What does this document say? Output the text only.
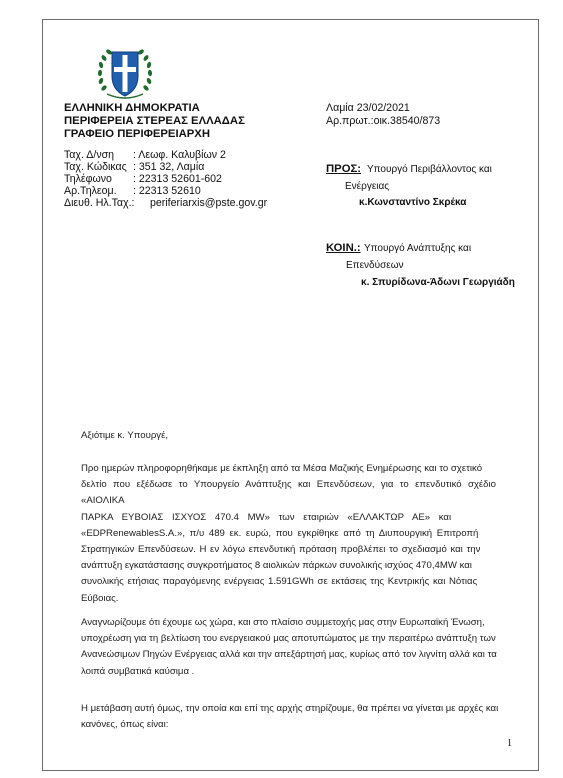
ΕΛΛΗΝΙΚΗ ΔΗΜΟΚΡΑΤΙΑ
ΠΕΡΙΦΕΡΕΙΑ ΣΤΕΡΕΑΣ ΕΛΛΑΔΑΣ
ΓΡΑΦΕΙΟ ΠΕΡΙΦΕΡΕΙΑΡΧΗ
Λαμία 23/02/2021
Αρ.πρωτ.:οικ.38540/873
Ταχ. Δ/νση : Λεωφ. Καλυβίων 2
Ταχ. Κώδικας : 351 32, Λαμία
Τηλέφωνο : 22313 52601-602
Αρ.Τηλεομ. : 22313 52610
Διευθ. Ηλ.Ταχ.: periferiarxis@pste.gov.gr
ΠΡΟΣ: Υπουργό Περιβάλλοντος και
Ενέργειας
κ.Κωνσταντίνο Σκρέκα
ΚΟΙΝ.: Υπουργό Ανάπτυξης και
Επενδύσεων
κ. Σπυρίδωνα-Άδωνι Γεωργιάδη
Αξιότιμε κ. Υπουργέ,
Προ ημερών πληροφορηθήκαμε με έκπληξη από τα Μέσα Μαζικής Ενημέρωσης και το σχετικό
δελτίο που εξέδωσε το Υπουργείο Ανάπτυξης και Επενδύσεων, για το επενδυτικό σχέδιο «ΑΙΟΛΙΚΑ
ΠΑΡΚΑ ΕΥΒΟΙΑΣ ΙΣΧΥΟΣ 470.4 MW» των εταιριών «ΕΛΛΑΚΤΩΡ ΑΕ» και
«EDPRenewablesS.A.», π/υ 489 εκ. ευρώ, που εγκρίθηκε από τη Διυπουργική Επιτροπή
Στρατηγικών Επενδύσεων. Η εν λόγω επενδυτική πρόταση προβλέπει το σχεδιασμό και την
ανάπτυξη εγκατάστασης συγκροτήματος 8 αιολικών πάρκων συνολικής ισχύος 470,4MW και
συνολικής ετήσιας παραγόμενης ενέργειας 1.591GWh σε εκτάσεις της Κεντρικής και Νότιας
Εύβοιας.
Αναγνωρίζουμε ότι έχουμε ως χώρα, και στο πλαίσιο συμμετοχής μας στην Ευρωπαϊκή Ένωση,
υποχρέωση για τη βελτίωση του ενεργειακού μας αποτυπώματος με την περαιτέρω ανάπτυξη των
Ανανεώσιμων Πηγών Ενέργειας αλλά και την απεξάρτησή μας, κυρίως από τον λιγνίτη αλλά και τα
λοιπά συμβατικά καύσιμα .
Η μετάβαση αυτή όμως, την οποία και επί της αρχής στηρίζουμε, θα πρέπει να γίνεται με αρχές και
κανόνες, όπως είναι:
1
